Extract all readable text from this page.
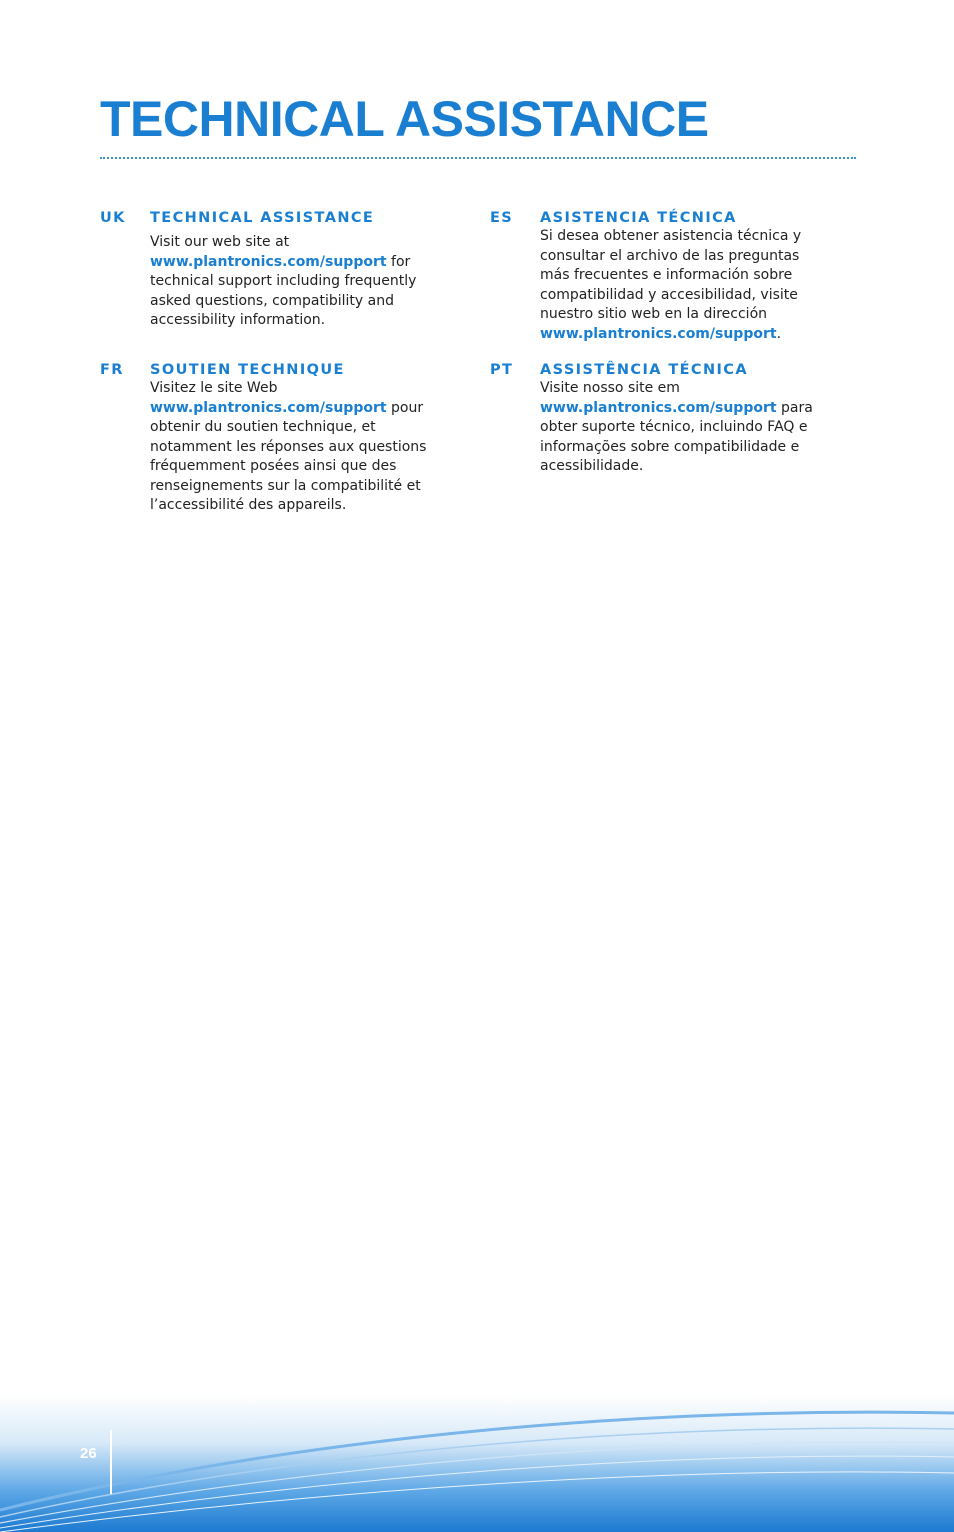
TECHNICAL ASSISTANCE
UK	TECHNICAL ASSISTANCE

Visit our web site at www.plantronics.com/support for technical support including frequently asked questions, compatibility and accessibility information.

FR	SOUTIEN TECHNIQUE

Visitez le site Web www.plantronics.com/support pour obtenir du soutien technique, et notamment les réponses aux questions fréquemment posées ainsi que des renseignements sur la compatibilité et l’accessibilité des appareils.

ES	ASISTENCIA TÉCNICA

Si desea obtener asistencia técnica y consultar el archivo de las preguntas más frecuentes e información sobre compatibilidad y accesibilidad, visite nuestro sitio web en la dirección www.plantronics.com/support.

PT	ASSISTÊNCIA TÉCNICA

Visite nosso site em www.plantronics.com/support para obter suporte técnico, incluindo FAQ e informações sobre compatibilidade e acessibilidade.

26
